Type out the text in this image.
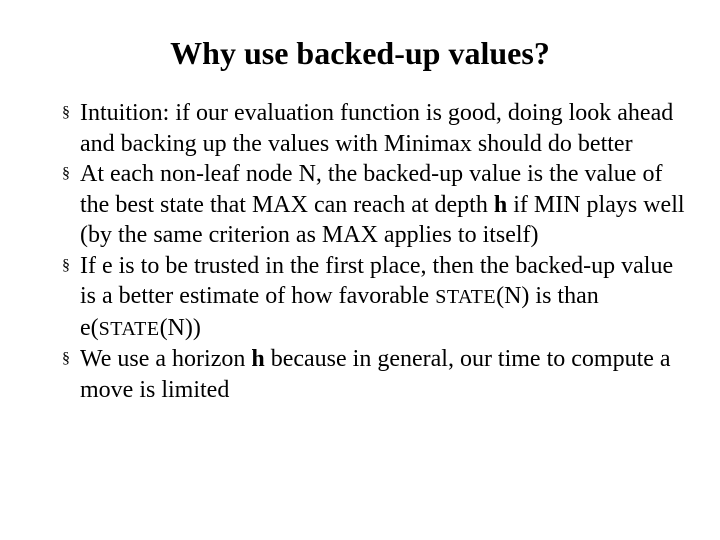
Why use backed-up values?
§ Intuition: if our evaluation function is good, doing look ahead and backing up the values with Minimax should do better
§ At each non-leaf node N, the backed-up value is the value of the best state that MAX can reach at depth h if MIN plays well (by the same criterion as MAX applies to itself)
§ If e is to be trusted in the first place, then the backed-up value is a better estimate of how favorable STATE(N) is than e(STATE(N))
§ We use a horizon h because in general, our time to compute a move is limited
